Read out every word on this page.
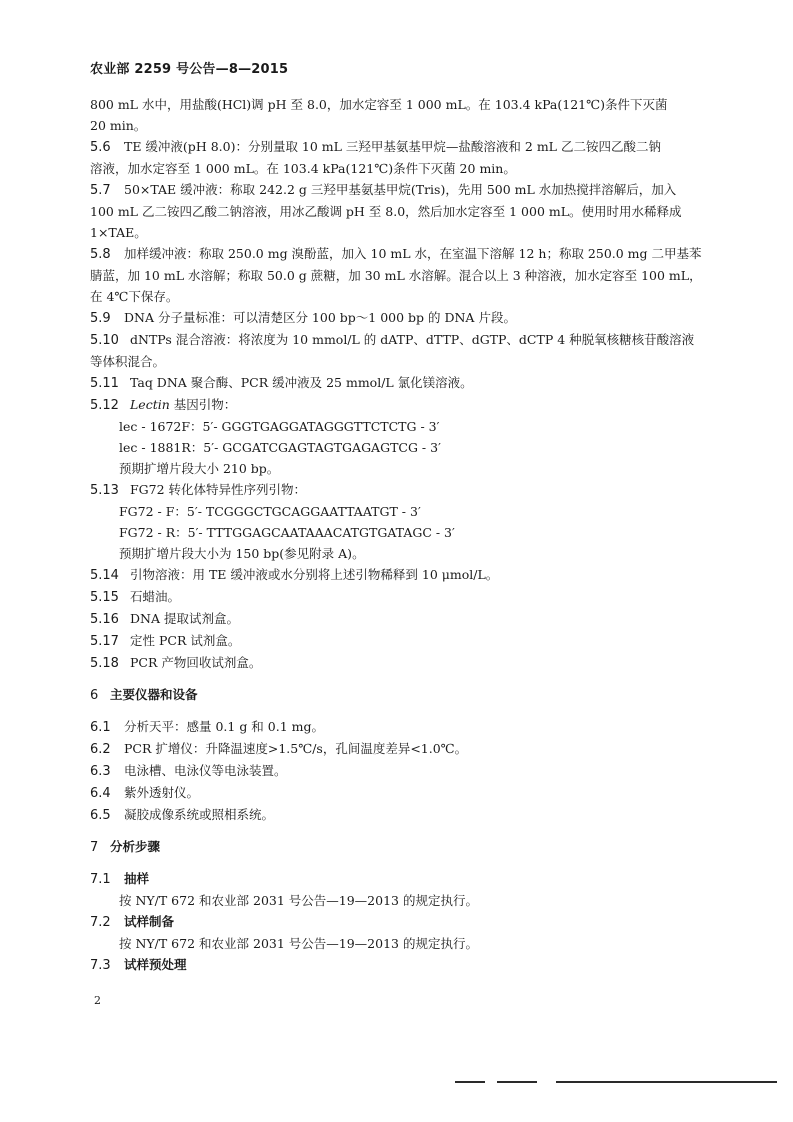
农业部 2259 号公告—8—2015
800 mL 水中，用盐酸(HCl)调 pH 至 8.0，加水定容至 1 000 mL。在 103.4 kPa(121℃)条件下灭菌
20 min。
5.6 TE 缓冲液(pH 8.0)：分别量取 10 mL 三羟甲基氨基甲烷—盐酸溶液和 2 mL 乙二铵四乙酸二钠
溶液，加水定容至 1 000 mL。在 103.4 kPa(121℃)条件下灭菌 20 min。
5.7 50×TAE 缓冲液：称取 242.2 g 三羟甲基氨基甲烷(Tris)，先用 500 mL 水加热搅拌溶解后，加入
100 mL 乙二铵四乙酸二钠溶液，用冰乙酸调 pH 至 8.0，然后加水定容至 1 000 mL。使用时用水稀释成
1×TAE。
5.8 加样缓冲液：称取 250.0 mg 溴酚蓝，加入 10 mL 水，在室温下溶解 12 h；称取 250.0 mg 二甲基苯
腈蓝，加 10 mL 水溶解；称取 50.0 g 蔗糖，加 30 mL 水溶解。混合以上 3 种溶液，加水定容至 100 mL，
在 4℃下保存。
5.9 DNA 分子量标准：可以清楚区分 100 bp～1 000 bp 的 DNA 片段。
5.10 dNTPs 混合溶液：将浓度为 10 mmol/L 的 dATP、dTTP、dGTP、dCTP 4 种脱氧核糖核苷酸溶液
等体积混合。
5.11 Taq DNA 聚合酶、PCR 缓冲液及 25 mmol/L 氯化镁溶液。
5.12 Lectin 基因引物：
lec - 1672F：5′- GGGTGAGGATAGGGTTCTCTG - 3′
lec - 1881R：5′- GCGATCGAGTAGTGAGAGTCG - 3′
预期扩增片段大小 210 bp。
5.13 FG72 转化体特异性序列引物：
FG72 - F：5′- TCGGGCTGCAGGAATTAATGT - 3′
FG72 - R：5′- TTTGGAGCAATAAACATGTGATAGC - 3′
预期扩增片段大小为 150 bp(参见附录 A)。
5.14 引物溶液：用 TE 缓冲液或水分别将上述引物稀释到 10 μmol/L。
5.15 石蜡油。
5.16 DNA 提取试剂盒。
5.17 定性 PCR 试剂盒。
5.18 PCR 产物回收试剂盒。
6 主要仪器和设备
6.1 分析天平：感量 0.1 g 和 0.1 mg。
6.2 PCR 扩增仪：升降温速度>1.5℃/s，孔间温度差异<1.0℃。
6.3 电泳槽、电泳仪等电泳装置。
6.4 紫外透射仪。
6.5 凝胶成像系统或照相系统。
7 分析步骤
7.1 抽样
按 NY/T 672 和农业部 2031 号公告—19—2013 的规定执行。
7.2 试样制备
按 NY/T 672 和农业部 2031 号公告—19—2013 的规定执行。
7.3 试样预处理
2
